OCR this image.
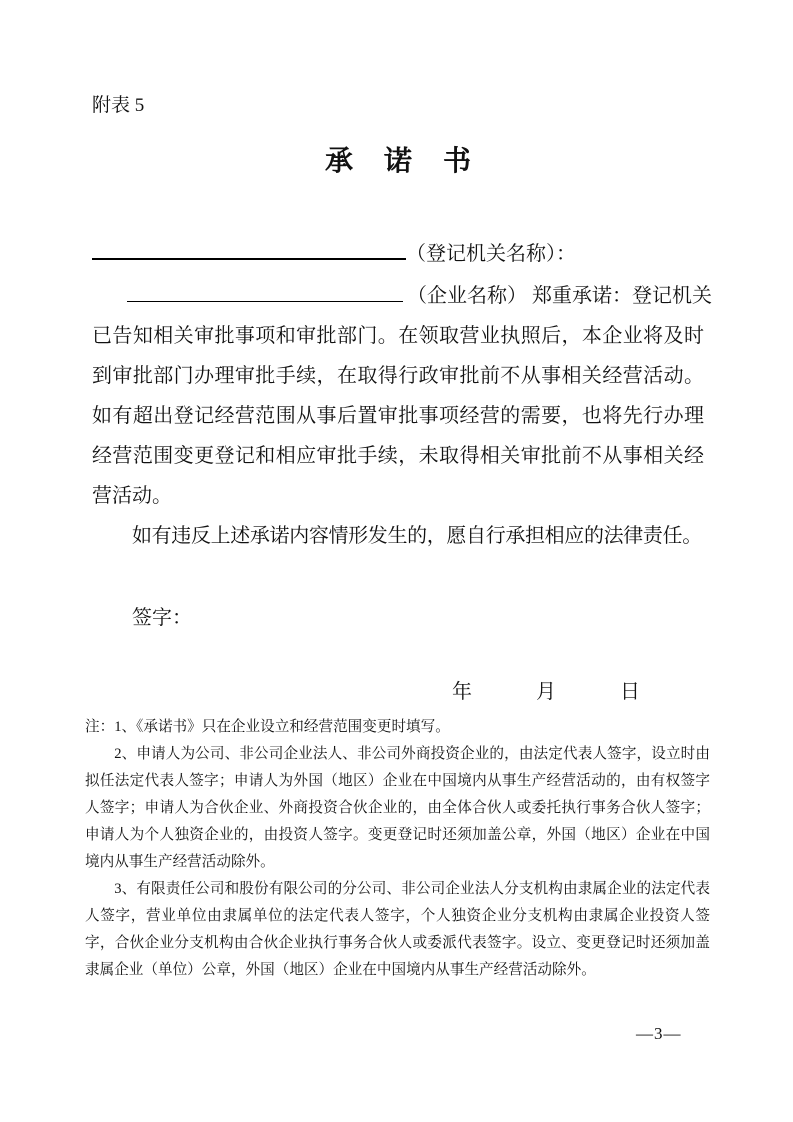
附表 5
承 诺 书
（登记机关名称）：
（企业名称） 郑重承诺：登记机关

已告知相关审批事项和审批部门。在领取营业执照后，本企业将及时到审批部门办理审批手续，在取得行政审批前不从事相关经营活动。如有超出登记经营范围从事后置审批事项经营的需要，也将先行办理经营范围变更登记和相应审批手续，未取得相关审批前不从事相关经营活动。

如有违反上述承诺内容情形发生的，愿自行承担相应的法律责任。

签字：
年	月	日

注：1、《承诺书》只在企业设立和经营范围变更时填写。

2、申请人为公司、非公司企业法人、非公司外商投资企业的，由法定代表人签字，设立时由拟任法定代表人签字；申请人为外国（地区）企业在中国境内从事生产经营活动的，由有权签字人签字；申请人为合伙企业、外商投资合伙企业的，由全体合伙人或委托执行事务合伙人签字；申请人为个人独资企业的，由投资人签字。变更登记时还须加盖公章，外国（地区）企业在中国境内从事生产经营活动除外。

3、有限责任公司和股份有限公司的分公司、非公司企业法人分支机构由隶属企业的法定代表人签字，营业单位由隶属单位的法定代表人签字，个人独资企业分支机构由隶属企业投资人签字，合伙企业分支机构由合伙企业执行事务合伙人或委派代表签字。设立、变更登记时还须加盖隶属企业（单位）公章，外国（地区）企业在中国境内从事生产经营活动除外。

—3—
